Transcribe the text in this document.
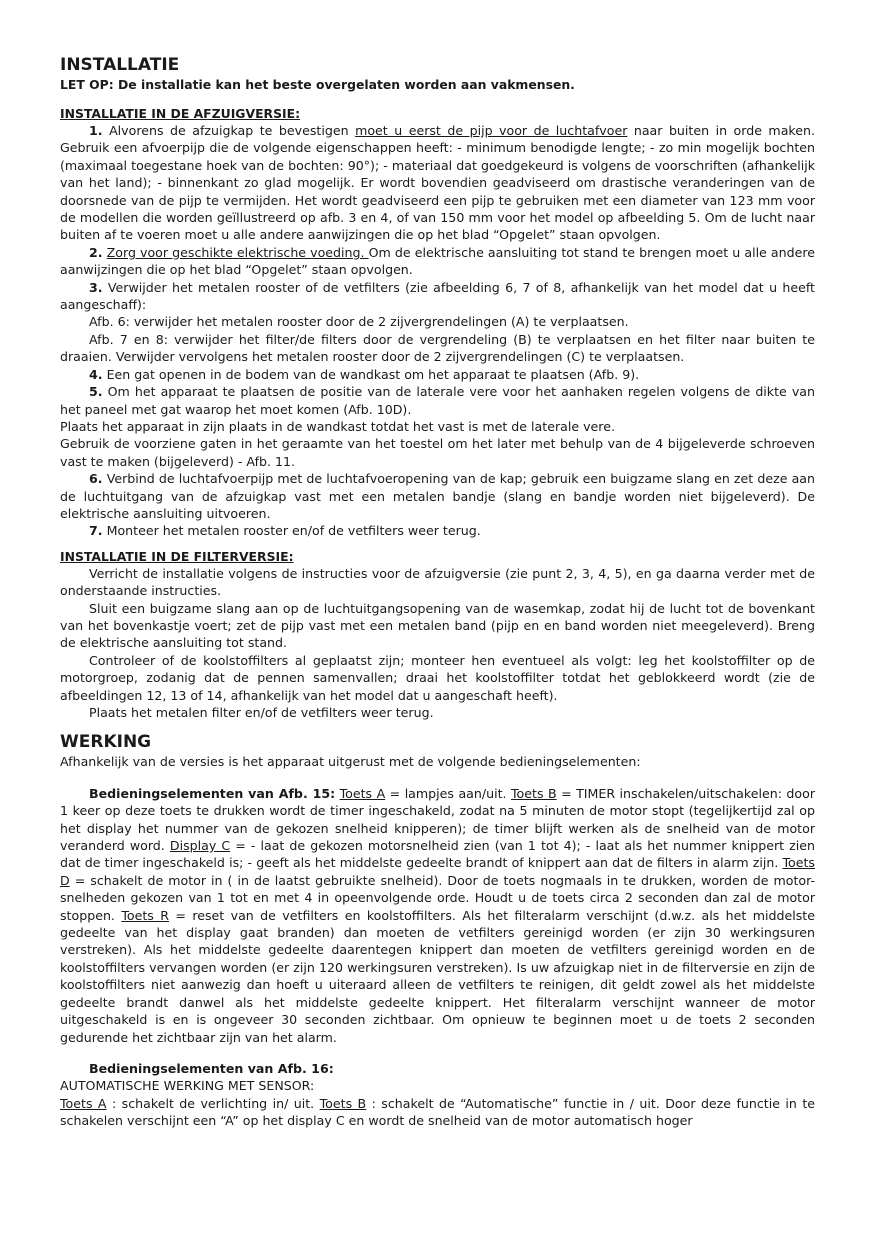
INSTALLATIE

LET OP: De installatie kan het beste overgelaten worden aan vakmensen.

INSTALLATIE IN DE AFZUIGVERSIE:

1. Alvorens de afzuigkap te bevestigen moet u eerst de pijp voor de luchtafvoer naar buiten in orde maken. Gebruik een afvoerpijp die de volgende eigenschappen heeft: - minimum benodigde lengte; - zo min mogelijk bochten (maximaal toegestane hoek van de bochten: 90°); - materiaal dat goedgekeurd is volgens de voorschriften (afhankelijk van het land); - binnenkant zo glad mogelijk. Er wordt bovendien geadviseerd om drastische veranderingen van de doorsnede van de pijp te vermijden. Het wordt geadviseerd een pijp te gebruiken met een diameter van 123 mm voor de modellen die worden geïllustreerd op afb. 3 en 4, of van 150 mm voor het model op afbeelding 5. Om de lucht naar buiten af te voeren moet u alle andere aanwijzingen die op het blad “Opgelet” staan opvolgen.

2. Zorg voor geschikte elektrische voeding. Om de elektrische aansluiting tot stand te brengen moet u alle andere aanwijzingen die op het blad “Opgelet” staan opvolgen.

3. Verwijder het metalen rooster of de vetfilters (zie afbeelding 6, 7 of 8, afhankelijk van het model dat u heeft aangeschaff):

Afb. 6: verwijder het metalen rooster door de 2 zijvergrendelingen (A) te verplaatsen.

Afb. 7 en 8: verwijder het filter/de filters door de vergrendeling (B) te verplaatsen en het filter naar buiten te draaien. Verwijder vervolgens het metalen rooster door de 2 zijvergrendelingen (C) te verplaatsen.

4. Een gat openen in de bodem van de wandkast om het apparaat te plaatsen (Afb. 9).

5. Om het apparaat te plaatsen de positie van de laterale vere voor het aanhaken regelen volgens de dikte van het paneel met gat waarop het moet komen (Afb. 10D).

Plaats het apparaat in zijn plaats in de wandkast totdat het vast is met de laterale vere.

Gebruik de voorziene gaten in het geraamte van het toestel om het later met behulp van de 4 bijgeleverde schroeven vast te maken (bijgeleverd) - Afb. 11.

6. Verbind de luchtafvoerpijp met de luchtafvoeropening van de kap; gebruik een buigzame slang en zet deze aan de luchtuitgang van de afzuigkap vast met een metalen bandje (slang en bandje worden niet bijgeleverd). De elektrische aansluiting uitvoeren.

7. Monteer het metalen rooster en/of de vetfilters weer terug.

INSTALLATIE IN DE FILTERVERSIE:

Verricht de installatie volgens de instructies voor de afzuigversie (zie punt 2, 3, 4, 5), en ga daarna verder met de onderstaande instructies.

Sluit een buigzame slang aan op de luchtuitgangsopening van de wasemkap, zodat hij de lucht tot de bovenkant van het bovenkastje voert; zet de pijp vast met een metalen band (pijp en en band worden niet meegeleverd). Breng de elektrische aansluiting tot stand.

Controleer of de koolstoffilters al geplaatst zijn; monteer hen eventueel als volgt: leg het koolstoffilter op de motorgroep, zodanig dat de pennen samenvallen; draai het koolstoffilter totdat het geblokkeerd wordt (zie de afbeeldingen 12, 13 of 14, afhankelijk van het model dat u aangeschaft heeft).

Plaats het metalen filter en/of de vetfilters weer terug.

WERKING

Afhankelijk van de versies is het apparaat uitgerust met de volgende bedieningselementen:

Bedieningselementen van Afb. 15: Toets A = lampjes aan/uit. Toets B = TIMER inschakelen/uitschakelen: door 1 keer op deze toets te drukken wordt de timer ingeschakeld, zodat na 5 minuten de motor stopt (tegelijkertijd zal op het display het nummer van de gekozen snelheid knipperen); de timer blijft werken als de snelheid van de motor veranderd word. Display C = - laat de gekozen motorsnelheid zien (van 1 tot 4); - laat als het nummer knippert zien dat de timer ingeschakeld is; - geeft als het middelste gedeelte brandt of knippert aan dat de filters in alarm zijn. Toets D = schakelt de motor in ( in de laatst gebruikte snelheid). Door de toets nogmaals in te drukken, worden de motor-snelheden gekozen van 1 tot en met 4 in opeenvolgende orde. Houdt u de toets circa 2 seconden dan zal de motor stoppen. Toets R = reset van de vetfilters en koolstoffilters. Als het filteralarm verschijnt (d.w.z. als het middelste gedeelte van het display gaat branden) dan moeten de vetfilters gereinigd worden (er zijn 30 werkingsuren verstreken). Als het middelste gedeelte daarentegen knippert dan moeten de vetfilters gereinigd worden en de koolstoffilters vervangen worden (er zijn 120 werkingsuren verstreken). Is uw afzuigkap niet in de filterversie en zijn de koolstoffilters niet aanwezig dan hoeft u uiteraard alleen de vetfilters te reinigen, dit geldt zowel als het middelste gedeelte brandt danwel als het middelste gedeelte knippert. Het filteralarm verschijnt wanneer de motor uitgeschakeld is en is ongeveer 30 seconden zichtbaar. Om opnieuw te beginnen moet u de toets 2 seconden gedurende het zichtbaar zijn van het alarm.

Bedieningselementen van Afb. 16:

AUTOMATISCHE WERKING MET SENSOR:

Toets A : schakelt de verlichting in/ uit. Toets B : schakelt de “Automatische” functie in / uit. Door deze functie in te schakelen verschijnt een “A” op het display C en wordt de snelheid van de motor automatisch hoger
